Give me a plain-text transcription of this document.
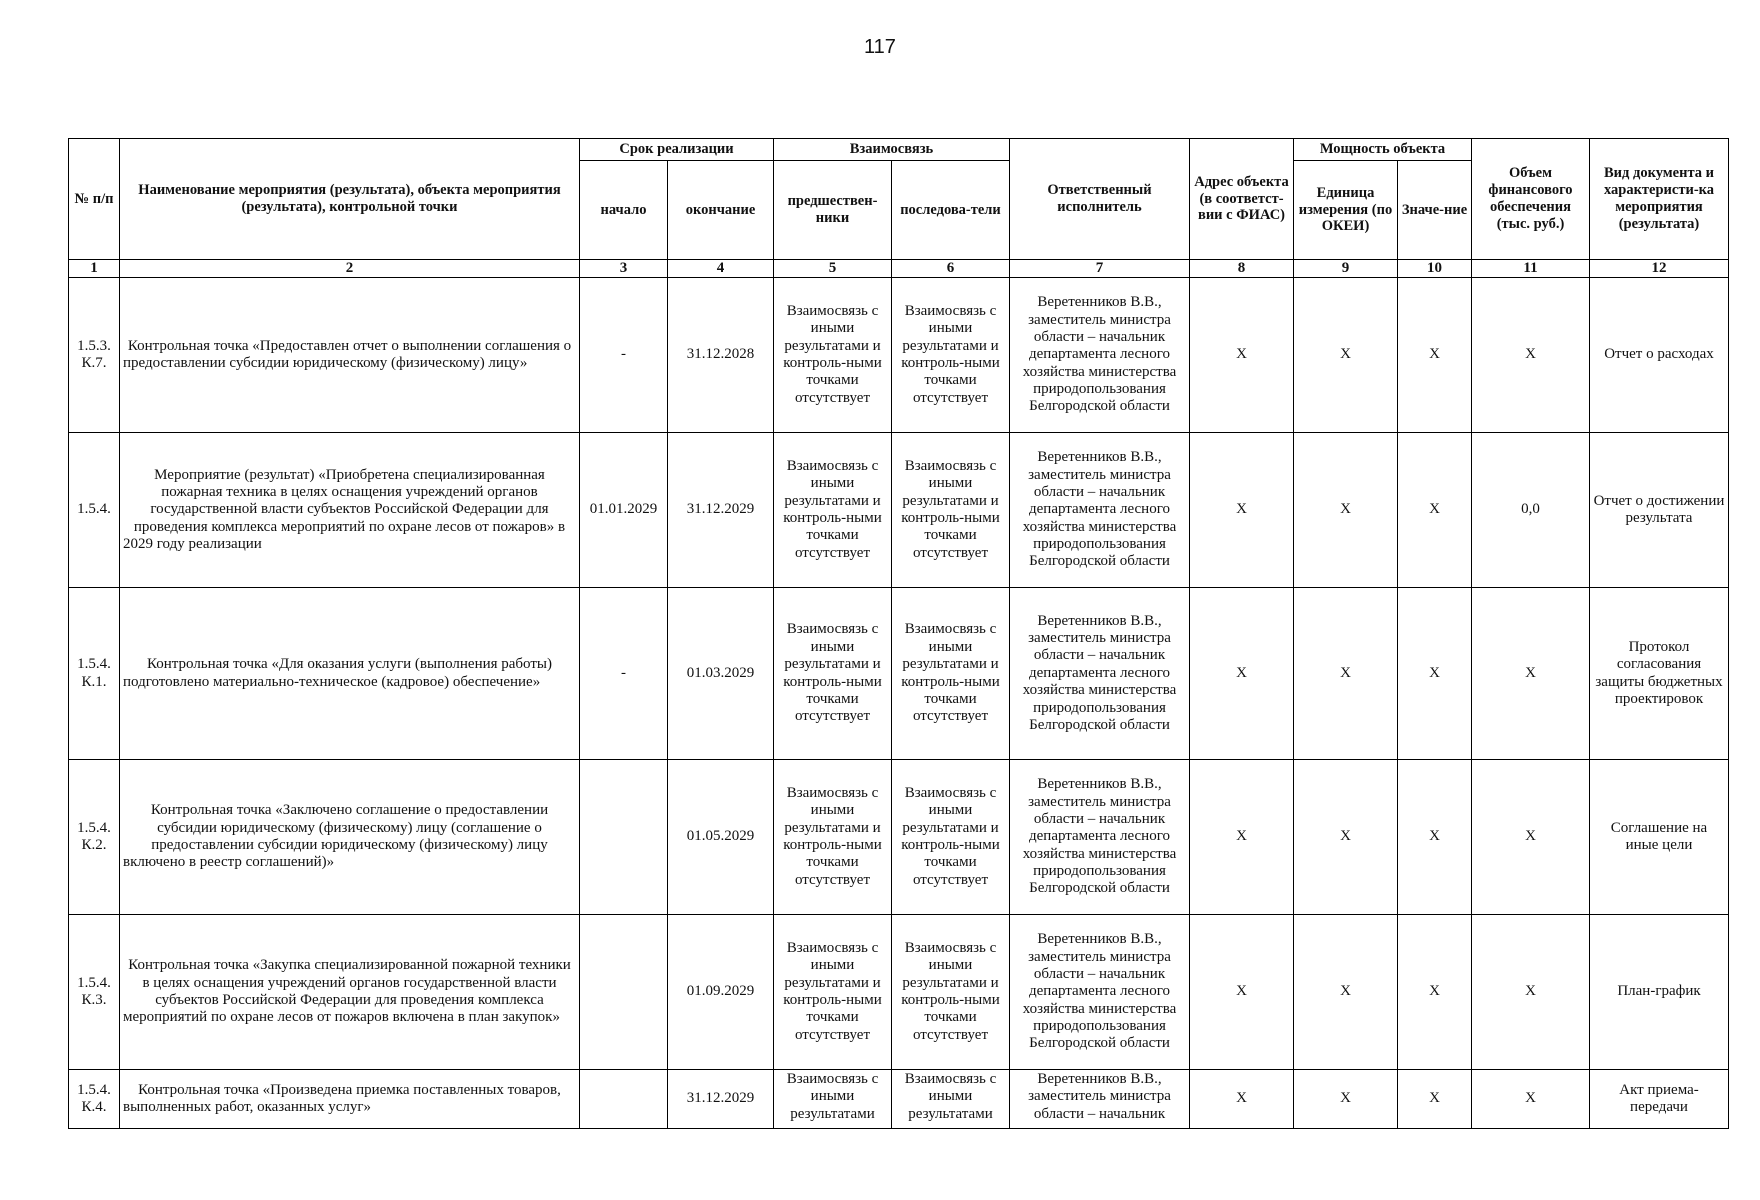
117
№ п/п	Наименование мероприятия (результата), объекта мероприятия (результата), контрольной точки	Срок реализации		Взаимосвязь		Ответственный исполнитель	Адрес объекта (в соответст-вии с ФИАС)	Мощность объекта		Объем финансового обеспечения (тыс. руб.)	Вид документа и характеристи-ка мероприятия (результата)
		начало	окончание	предшествен-ники	последова-тели			Единица измерения (по ОКЕИ)	Значе-ние		
1	2	3	4	5	6	7	8	9	10	11	12
1.5.3. К.7.	Контрольная точка «Предоставлен отчет о выполнении соглашения о предоставлении субсидии юридическому (физическому) лицу»	-	31.12.2028	Взаимосвязь с иными результатами и контроль-ными точками отсутствует	Взаимосвязь с иными результатами и контроль-ными точками отсутствует	Веретенников В.В., заместитель министра области – начальник департамента лесного хозяйства министерства природопользования Белгородской области	X	X	X	X	Отчет о расходах
1.5.4.	Мероприятие (результат) «Приобретена специализированная пожарная техника в целях оснащения учреждений органов государственной власти субъектов Российской Федерации для проведения комплекса мероприятий по охране лесов от пожаров» в 2029 году реализации	01.01.2029	31.12.2029	Взаимосвязь с иными результатами и контроль-ными точками отсутствует	Взаимосвязь с иными результатами и контроль-ными точками отсутствует	Веретенников В.В., заместитель министра области – начальник департамента лесного хозяйства министерства природопользования Белгородской области	X	X	X	0,0	Отчет о достижении результата
1.5.4. К.1.	Контрольная точка «Для оказания услуги (выполнения работы) подготовлено материально-техническое (кадровое) обеспечение»	-	01.03.2029	Взаимосвязь с иными результатами и контроль-ными точками отсутствует	Взаимосвязь с иными результатами и контроль-ными точками отсутствует	Веретенников В.В., заместитель министра области – начальник департамента лесного хозяйства министерства природопользования Белгородской области	X	X	X	X	Протокол согласования защиты бюджетных проектировок
1.5.4. К.2.	Контрольная точка «Заключено соглашение о предоставлении субсидии юридическому (физическому) лицу (соглашение о предоставлении субсидии юридическому (физическому) лицу включено в реестр соглашений)»		01.05.2029	Взаимосвязь с иными результатами и контроль-ными точками отсутствует	Взаимосвязь с иными результатами и контроль-ными точками отсутствует	Веретенников В.В., заместитель министра области – начальник департамента лесного хозяйства министерства природопользования Белгородской области	X	X	X	X	Соглашение на иные цели
1.5.4. К.3.	Контрольная точка «Закупка специализированной пожарной техники в целях оснащения учреждений органов государственной власти субъектов Российской Федерации для проведения комплекса мероприятий по охране лесов от пожаров включена в план закупок»		01.09.2029	Взаимосвязь с иными результатами и контроль-ными точками отсутствует	Взаимосвязь с иными результатами и контроль-ными точками отсутствует	Веретенников В.В., заместитель министра области – начальник департамента лесного хозяйства министерства природопользования Белгородской области	X	X	X	X	План-график
1.5.4. К.4.	Контрольная точка «Произведена приемка поставленных товаров, выполненных работ, оказанных услуг»		31.12.2029	Взаимосвязь с иными результатами	Взаимосвязь с иными результатами	Веретенников В.В., заместитель министра области – начальник	X	X	X	X	Акт приема-передачи
